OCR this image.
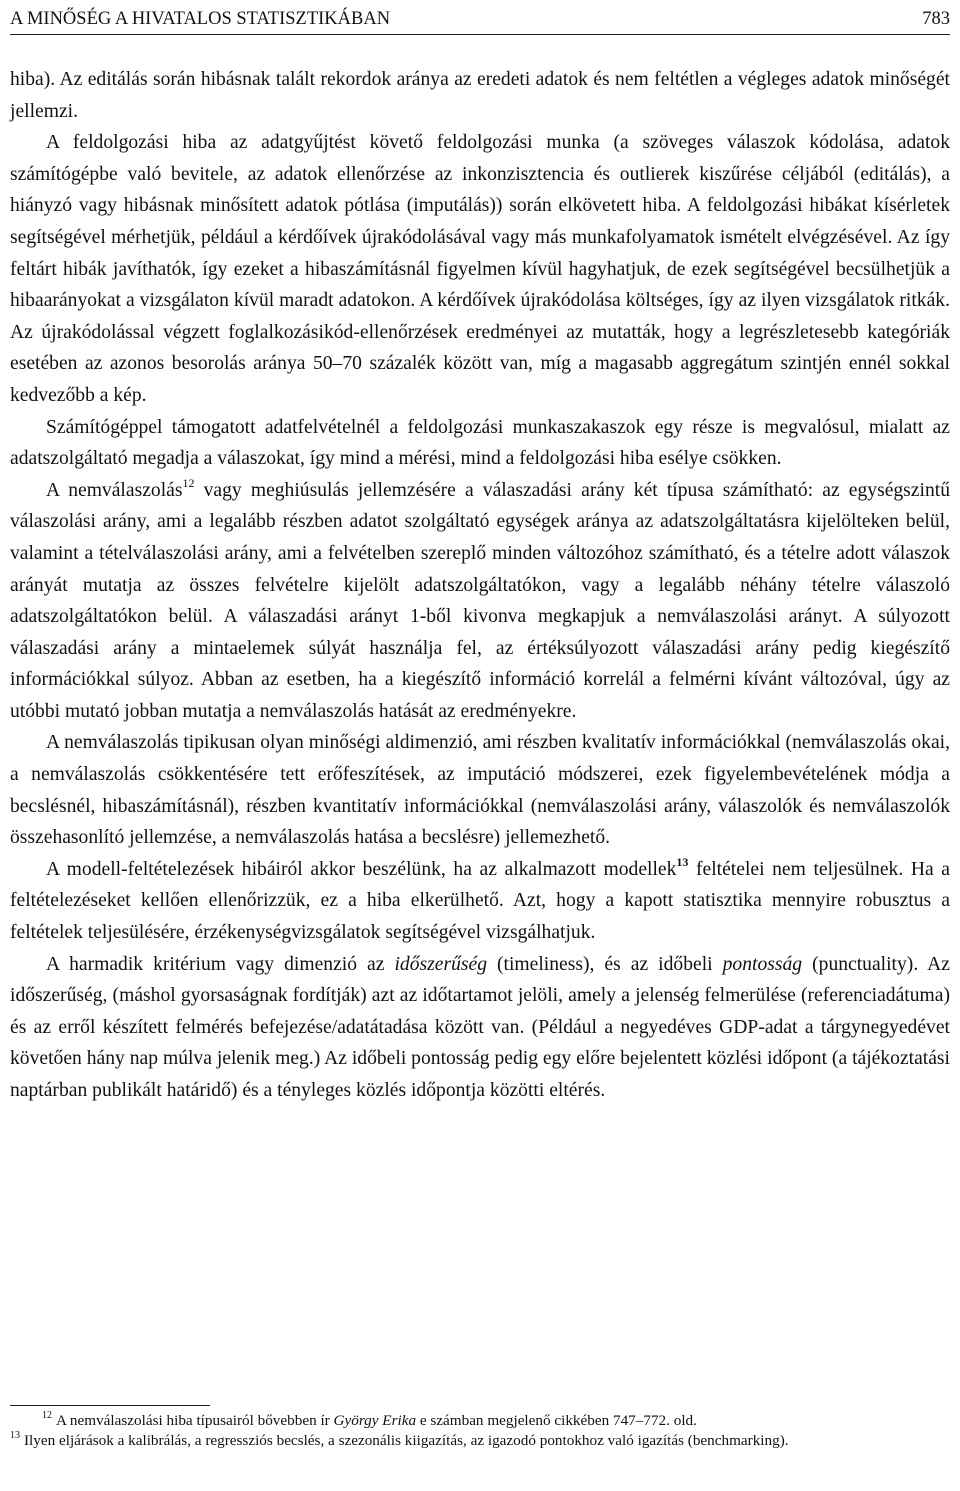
A MINŐSÉG A HIVATALOS STATISZTIKÁBAN	783

hiba). Az editálás során hibásnak talált rekordok aránya az eredeti adatok és nem feltétlen a végleges adatok minőségét jellemzi.

A feldolgozási hiba az adatgyűjtést követő feldolgozási munka (a szöveges válaszok kódolása, adatok számítógépbe való bevitele, az adatok ellenőrzése az inkonzisztencia és outlierek kiszűrése céljából (editálás), a hiányzó vagy hibásnak minősített adatok pótlása (imputálás)) során elkövetett hiba. A feldolgozási hibákat kísérletek segítségével mérhetjük, például a kérdőívek újrakódolásával vagy más munkafolyamatok ismételt elvégzésével. Az így feltárt hibák javíthatók, így ezeket a hibaszámításnál figyelmen kívül hagyhatjuk, de ezek segítségével becsülhetjük a hibaarányokat a vizsgálaton kívül maradt adatokon. A kérdőívek újrakódolása költséges, így az ilyen vizsgálatok ritkák. Az újrakódolással végzett foglalkozásikód-ellenőrzések eredményei az mutatták, hogy a legrészletesebb kategóriák esetében az azonos besorolás aránya 50–70 százalék között van, míg a magasabb aggregátum szintjén ennél sokkal kedvezőbb a kép.

Számítógéppel támogatott adatfelvételnél a feldolgozási munkaszakaszok egy része is megvalósul, mialatt az adatszolgáltató megadja a válaszokat, így mind a mérési, mind a feldolgozási hiba esélye csökken.

A nemválaszolás$^{12}$ vagy meghiúsulás jellemzésére a válaszadási arány két típusa számítható: az egységszintű válaszolási arány, ami a legalább részben adatot szolgáltató egységek aránya az adatszolgáltatásra kijelölteken belül, valamint a tételválaszolási arány, ami a felvételben szereplő minden változóhoz számítható, és a tételre adott válaszok arányát mutatja az összes felvételre kijelölt adatszolgáltatókon, vagy a legalább néhány tételre válaszoló adatszolgáltatókon belül. A válaszadási arányt 1-ből kivonva megkapjuk a nemválaszolási arányt. A súlyozott válaszadási arány a mintaelemek súlyát használja fel, az értéksúlyozott válaszadási arány pedig kiegészítő információkkal súlyoz. Abban az esetben, ha a kiegészítő információ korrelál a felmérni kívánt változóval, úgy az utóbbi mutató jobban mutatja a nemválaszolás hatását az eredményekre.

A nemválaszolás tipikusan olyan minőségi aldimenzió, ami részben kvalitatív információkkal (nemválaszolás okai, a nemválaszolás csökkentésére tett erőfeszítések, az imputáció módszerei, ezek figyelembevételének módja a becslésnél, hibaszámításnál), részben kvantitatív információkkal (nemválaszolási arány, válaszolók és nemválaszolók összehasonlító jellemzése, a nemválaszolás hatása a becslésre) jellemezhető.

A modell-feltételezések hibáiról akkor beszélünk, ha az alkalmazott modellek$^{13}$ feltételei nem teljesülnek. Ha a feltételezéseket kellően ellenőrizzük, ez a hiba elkerülhető. Azt, hogy a kapott statisztika mennyire robusztus a feltételek teljesülésére, érzékenységvizsgálatok segítségével vizsgálhatjuk.

A harmadik kritérium vagy dimenzió az időszerűség (timeliness), és az időbeli pontosság (punctuality). Az időszerűség, (máshol gyorsaságnak fordítják) azt az időtartamot jelöli, amely a jelenség felmerülése (referenciadátuma) és az erről készített felmérés befejezése/adatátadása között van. (Például a negyedéves GDP-adat a tárgynegyedévet követően hány nap múlva jelenik meg.) Az időbeli pontosság pedig egy előre bejelentett közlési időpont (a tájékoztatási naptárban publikált határidő) és a tényleges közlés időpontja közötti eltérés.

$^{12}$ A nemválaszolási hiba típusairól bővebben ír György Erika e számban megjelenő cikkében 747–772. old.

$^{13}$ Ilyen eljárások a kalibrálás, a regressziós becslés, a szezonális kiigazítás, az igazodó pontokhoz való igazítás (benchmarking).
